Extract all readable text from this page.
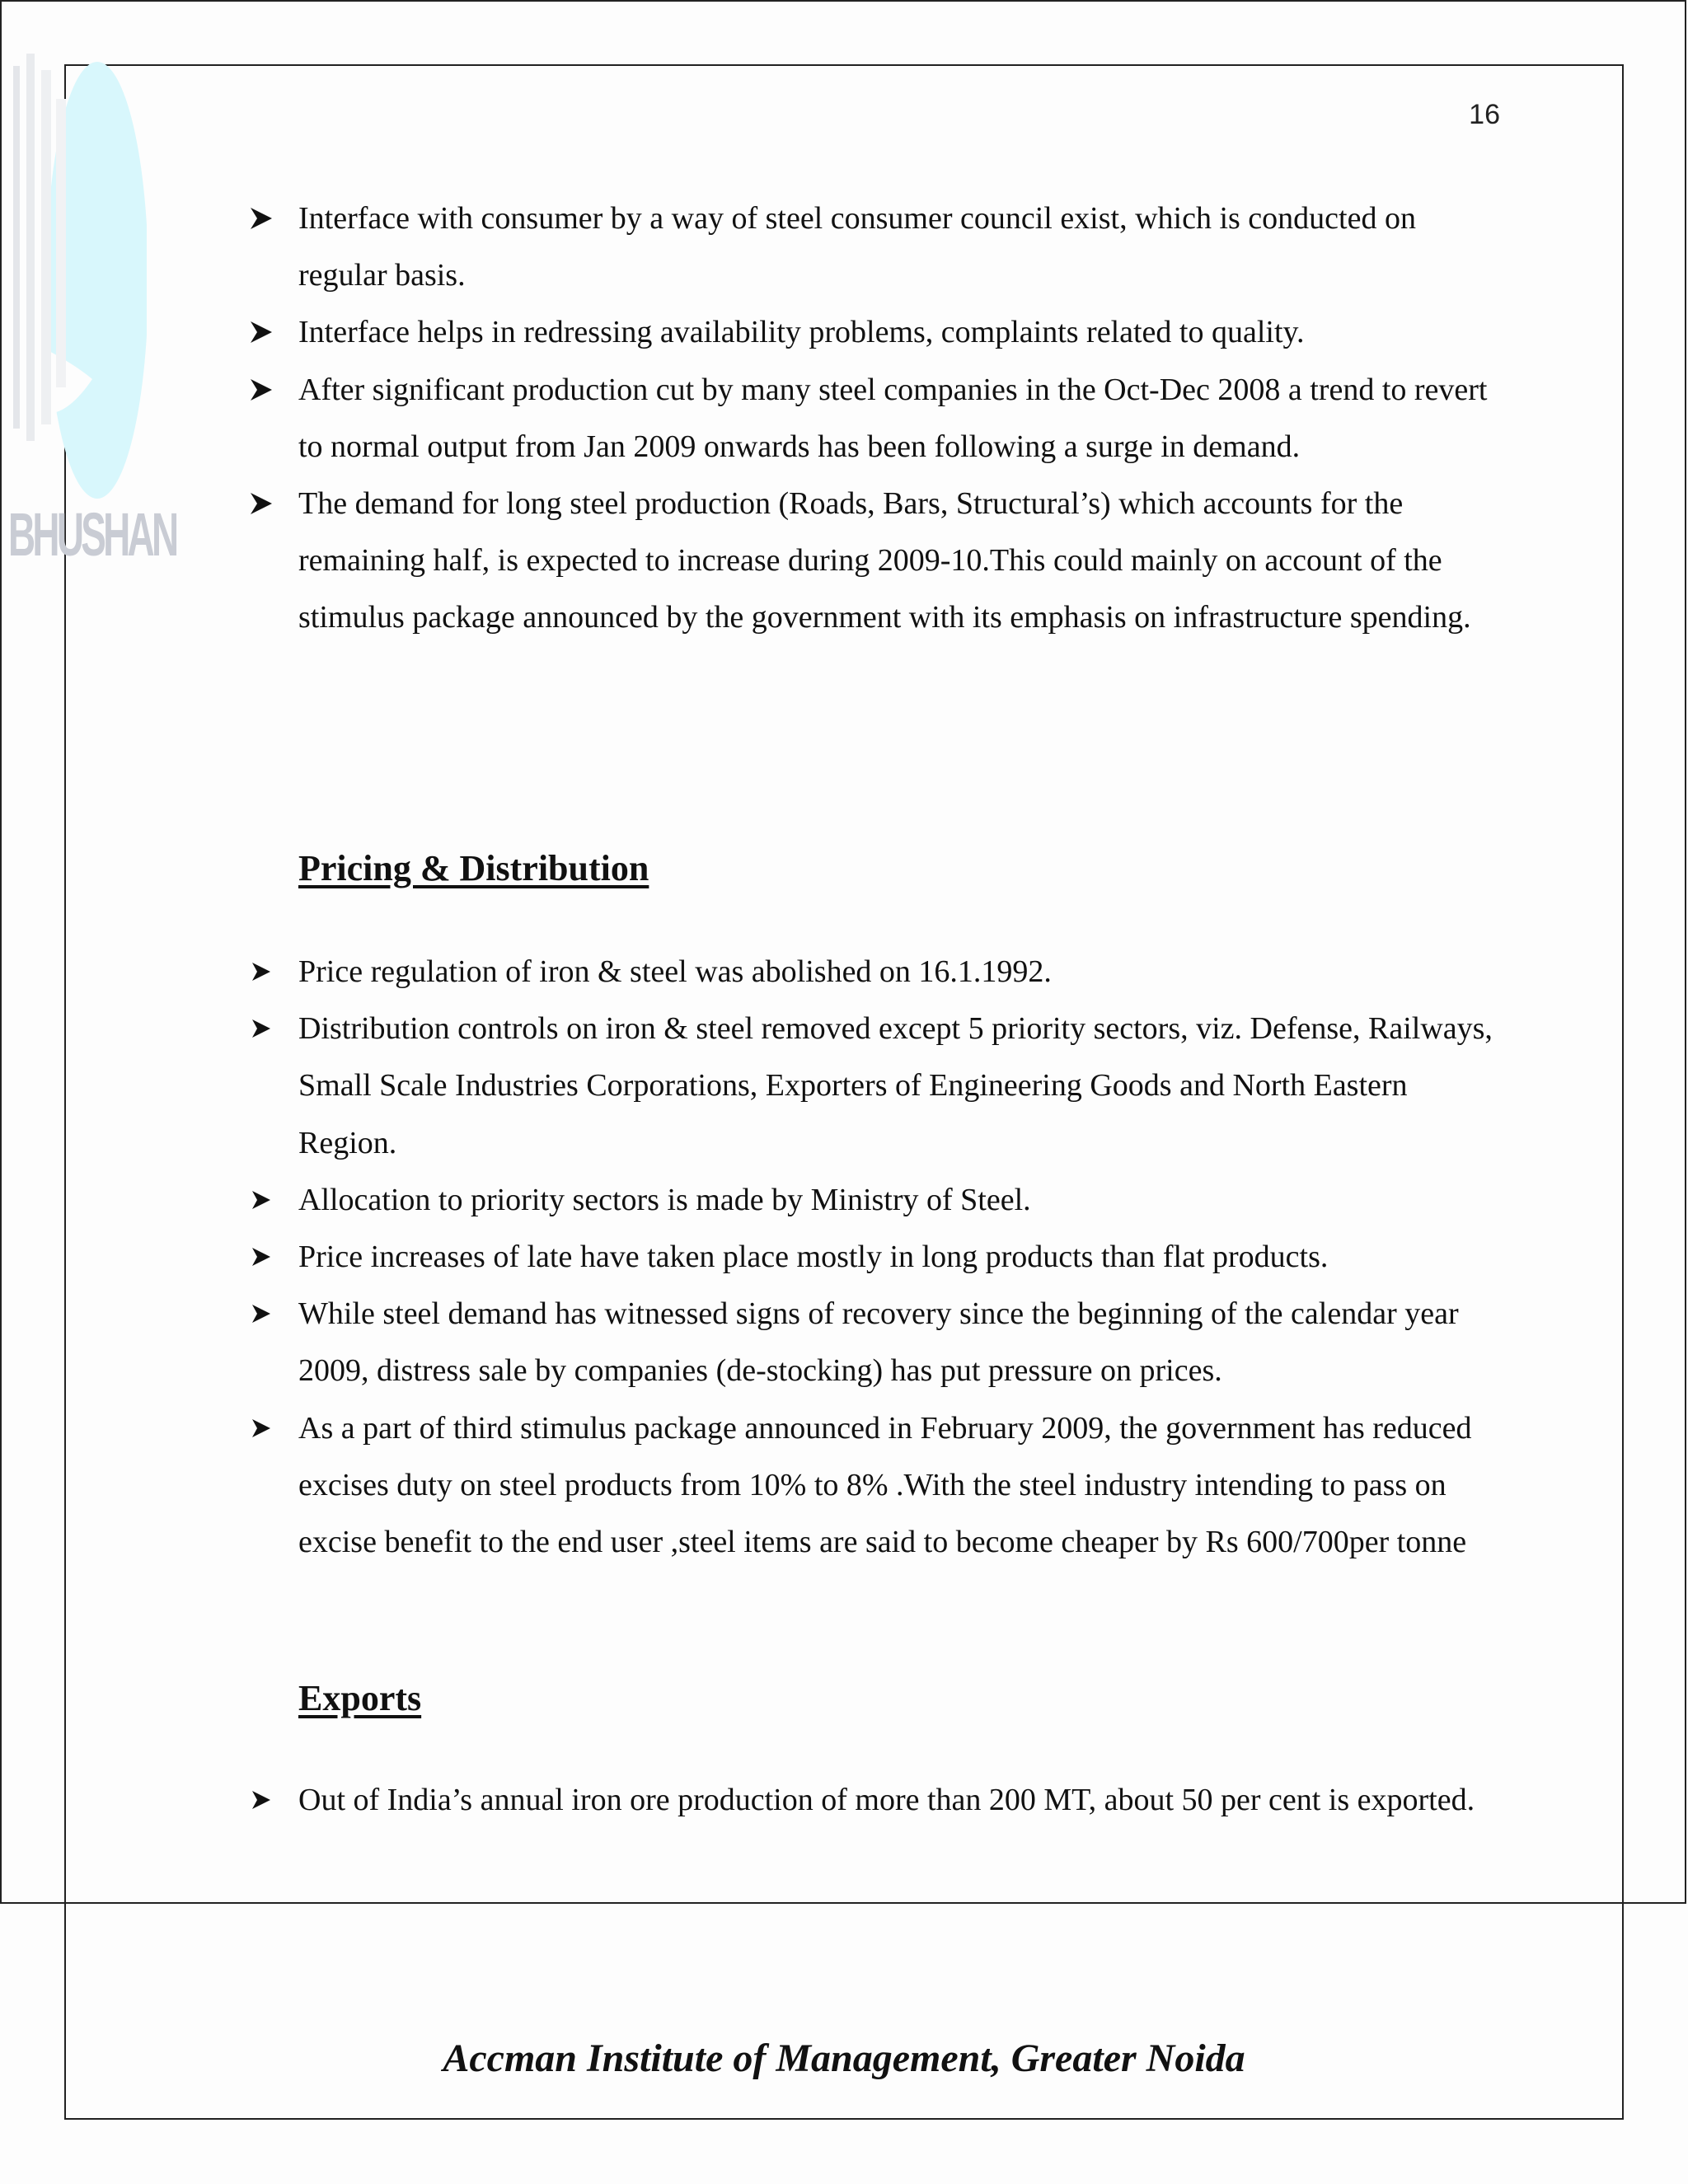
BHUSHAN
16
Interface with consumer by a way of steel consumer council exist, which is conducted on regular basis.
Interface helps in redressing availability problems, complaints related to quality.
After significant production cut by many steel companies in the Oct-Dec 2008 a trend to revert to normal output from Jan 2009 onwards has been following a surge in demand.
The demand for long steel production (Roads, Bars, Structural’s) which accounts for the remaining half, is expected to increase during 2009-10.This could mainly on account of the stimulus package announced by the government with its emphasis on infrastructure spending.
Pricing & Distribution
Price regulation of iron & steel was abolished on 16.1.1992.
Distribution controls on iron & steel removed except 5 priority sectors, viz. Defense, Railways, Small Scale Industries Corporations, Exporters of Engineering Goods and North Eastern Region.
Allocation to priority sectors is made by Ministry of Steel.
Price increases of late have taken place mostly in long products than flat products.
While steel demand has witnessed signs of recovery since the beginning of the calendar year 2009, distress sale by companies (de-stocking) has put pressure on prices.
As a part of third stimulus package announced in February 2009, the government has reduced excises duty on steel products from 10% to 8% .With the steel industry intending to pass on excise benefit to the end user ,steel items are said to become cheaper by Rs 600/700per tonne
Exports
Out of India’s annual iron ore production of more than 200 MT, about 50 per cent is exported.
Accman Institute of Management, Greater Noida
